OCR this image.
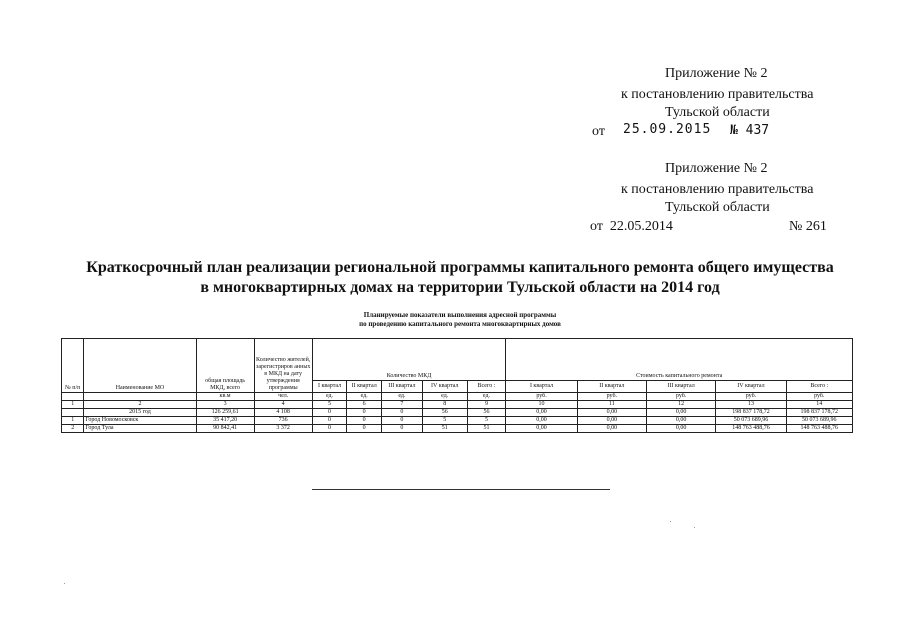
Приложение № 2
к постановлению правительства
Тульской области
от 25.09.2015 № 437
Приложение № 2
к постановлению правительства
Тульской области
от  22.05.2014	№ 261
Краткосрочный план реализации региональной программы капитального ремонта общего имущества
в многоквартирных домах на территории Тульской области на 2014 год
Планируемые показатели выполнения адресной программы
по проведению капитального ремонта многоквартирных домов
№ п/п	Наименование МО	общая площадь МКД, всего	Количество жителей, зарегистриров анных в МКД на дату утверждения программы	Количество МКД					Стоимость капитального ремонта				
				I квартал	II квартал	III квартал	IV квартал	Всего :	I квартал	II квартал	III квартал	IV квартал	Всего :
		кв.м	чел.	ед.	ед.	ед.	ед.	ед.	руб.	руб.	руб.	руб.	руб.
1	2	3	4	5	6	7	8	9	10	11	12	13	14
	2015 год	126 259,61	4 108	0	0	0	56	56	0,00	0,00	0,00	198 837 178,72	198 837 178,72
1	Город Новомосковск	35 417,20	736	0	0	0	5	5	0,00	0,00	0,00	50 073 689,96	50 073 689,96
2	Город Тула	90 842,41	3 372	0	0	0	51	51	0,00	0,00	0,00	148 763 488,76	148 763 488,76
